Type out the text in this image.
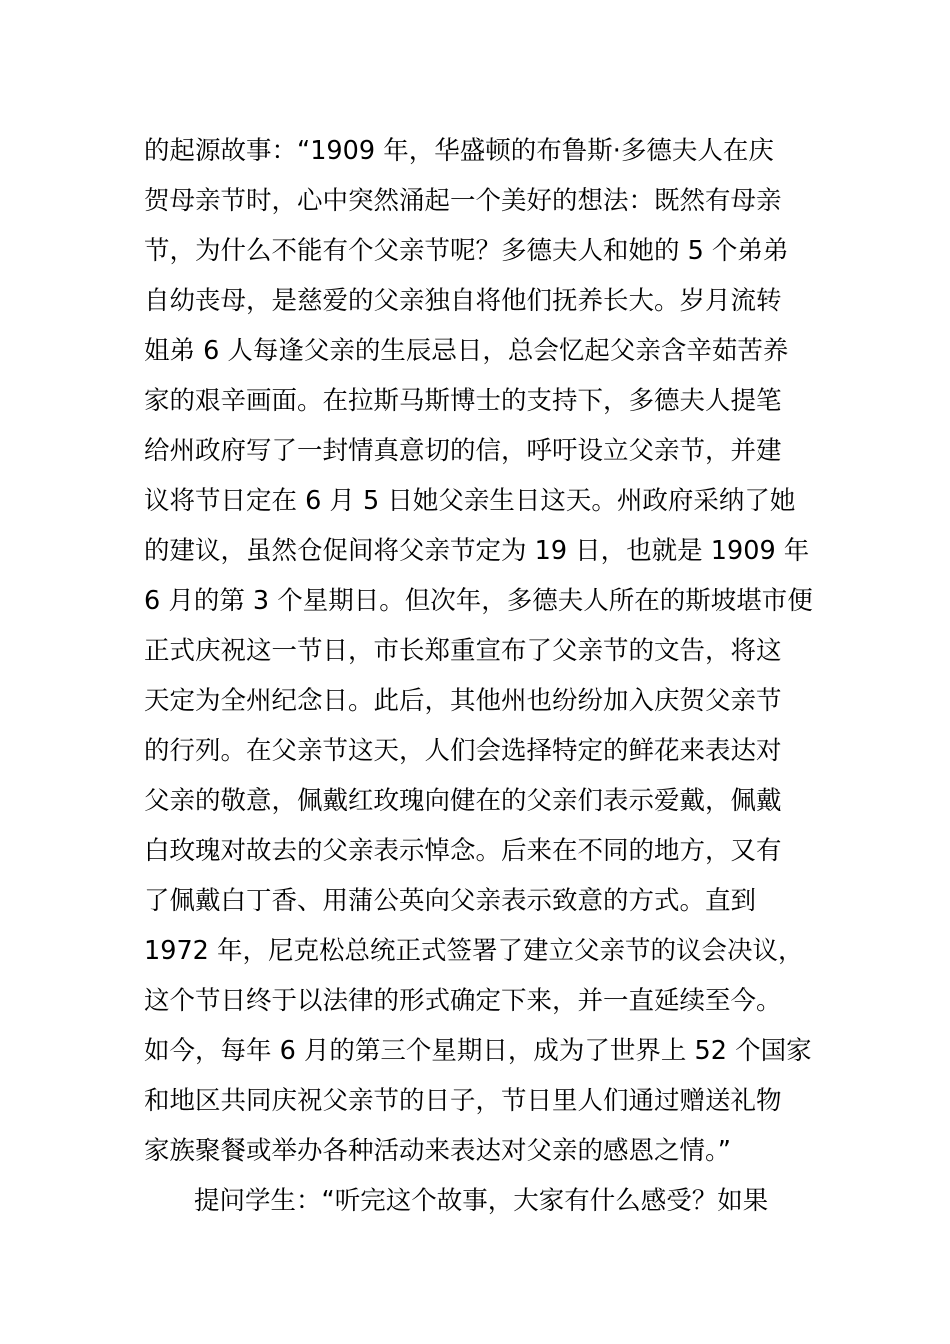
的起源故事：“1909 年，华盛顿的布鲁斯·多德夫人在庆
贺母亲节时，心中突然涌起一个美好的想法：既然有母亲
节，为什么不能有个父亲节呢？多德夫人和她的 5 个弟弟
自幼丧母，是慈爱的父亲独自将他们抚养长大。岁月流转
姐弟 6 人每逢父亲的生辰忌日，总会忆起父亲含辛茹苦养
家的艰辛画面。在拉斯马斯博士的支持下，多德夫人提笔
给州政府写了一封情真意切的信，呼吁设立父亲节，并建
议将节日定在 6 月 5 日她父亲生日这天。州政府采纳了她
的建议，虽然仓促间将父亲节定为 19 日，也就是 1909 年
6 月的第 3 个星期日。但次年，多德夫人所在的斯坡堪市便
正式庆祝这一节日，市长郑重宣布了父亲节的文告，将这
天定为全州纪念日。此后，其他州也纷纷加入庆贺父亲节
的行列。在父亲节这天，人们会选择特定的鲜花来表达对
父亲的敬意，佩戴红玫瑰向健在的父亲们表示爱戴，佩戴
白玫瑰对故去的父亲表示悼念。后来在不同的地方，又有
了佩戴白丁香、用蒲公英向父亲表示致意的方式。直到
1972 年，尼克松总统正式签署了建立父亲节的议会决议，
这个节日终于以法律的形式确定下来，并一直延续至今。
如今，每年 6 月的第三个星期日，成为了世界上 52 个国家
和地区共同庆祝父亲节的日子，节日里人们通过赠送礼物
家族聚餐或举办各种活动来表达对父亲的感恩之情。”
提问学生：“听完这个故事，大家有什么感受？如果
